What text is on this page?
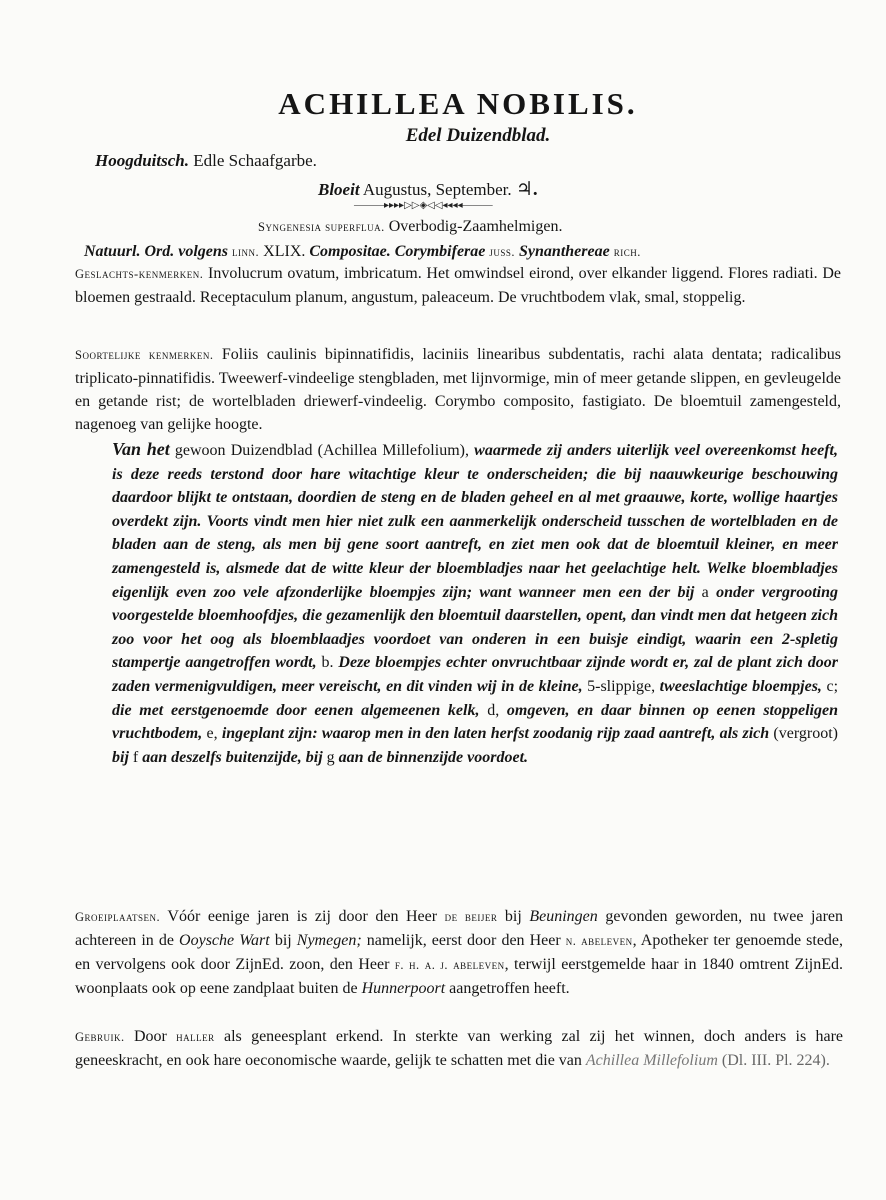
ACHILLEA NOBILIS.
Edel Duizendblad.
Hoogduitsch. Edle Schaafgarbe.
Bloeit Augustus, September. ♃.
———▸▸▸▸▷▷◈◁◁◂◂◂◂———
Syngenesia superflua. Overbodig-Zaamhelmigen.
Natuurl. Ord. volgens linn. XLIX. Compositae. Corymbiferae juss. Synanthereae rich.

Geslachts-kenmerken. Involucrum ovatum, imbricatum. Het omwindsel eirond, over elkander liggend. Flores radiati. De bloemen gestraald. Receptaculum planum, angustum, paleaceum. De vruchtbodem vlak, smal, stoppelig.

Soortelijke kenmerken. Foliis caulinis bipinnatifidis, laciniis linearibus subdentatis, rachi alata dentata; radicalibus triplicato-pinnatifidis. Tweewerf-vindeelige stengbladen, met lijnvormige, min of meer getande slippen, en gevleugelde en getande rist; de wortelbladen driewerf-vindeelig. Corymbo composito, fastigiato. De bloemtuil zamengesteld, nagenoeg van gelijke hoogte.

Van het gewoon Duizendblad (Achillea Millefolium), waarmede zij anders uiterlijk veel overeenkomst heeft, is deze reeds terstond door hare witachtige kleur te onderscheiden; die bij naauwkeurige beschouwing daardoor blijkt te ontstaan, doordien de steng en de bladen geheel en al met graauwe, korte, wollige haartjes overdekt zijn. Voorts vindt men hier niet zulk een aanmerkelijk onderscheid tusschen de wortelbladen en de bladen aan de steng, als men bij gene soort aantreft, en ziet men ook dat de bloemtuil kleiner, en meer zamengesteld is, alsmede dat de witte kleur der bloembladjes naar het geelachtige helt. Welke bloembladjes eigenlijk even zoo vele afzonderlijke bloempjes zijn; want wanneer men een der bij a onder vergrooting voorgestelde bloemhoofdjes, die gezamenlijk den bloemtuil daarstellen, opent, dan vindt men dat hetgeen zich zoo voor het oog als bloemblaadjes voordoet van onderen in een buisje eindigt, waarin een 2-spletig stampertje aangetroffen wordt, b. Deze bloempjes echter onvruchtbaar zijnde wordt er, zal de plant zich door zaden vermenigvuldigen, meer vereischt, en dit vinden wij in de kleine, 5-slippige, tweeslachtige bloempjes, c; die met eerstgenoemde door eenen algemeenen kelk, d, omgeven, en daar binnen op eenen stoppeligen vruchtbodem, e, ingeplant zijn: waarop men in den laten herfst zoodanig rijp zaad aantreft, als zich (vergroot) bij f aan deszelfs buitenzijde, bij g aan de binnenzijde voordoet.

Groeiplaatsen. Vóór eenige jaren is zij door den Heer de beijer bij Beuningen gevonden geworden, nu twee jaren achtereen in de Ooysche Wart bij Nymegen; namelijk, eerst door den Heer n. abeleven, Apotheker ter genoemde stede, en vervolgens ook door ZijnEd. zoon, den Heer f. h. a. j. abeleven, terwijl eerstgemelde haar in 1840 omtrent ZijnEd. woonplaats ook op eene zandplaat buiten de Hunnerpoort aangetroffen heeft.

Gebruik. Door haller als geneesplant erkend. In sterkte van werking zal zij het winnen, doch anders is hare geneeskracht, en ook hare oeconomische waarde, gelijk te schatten met die van Achillea Millefolium (Dl. III. Pl. 224).
